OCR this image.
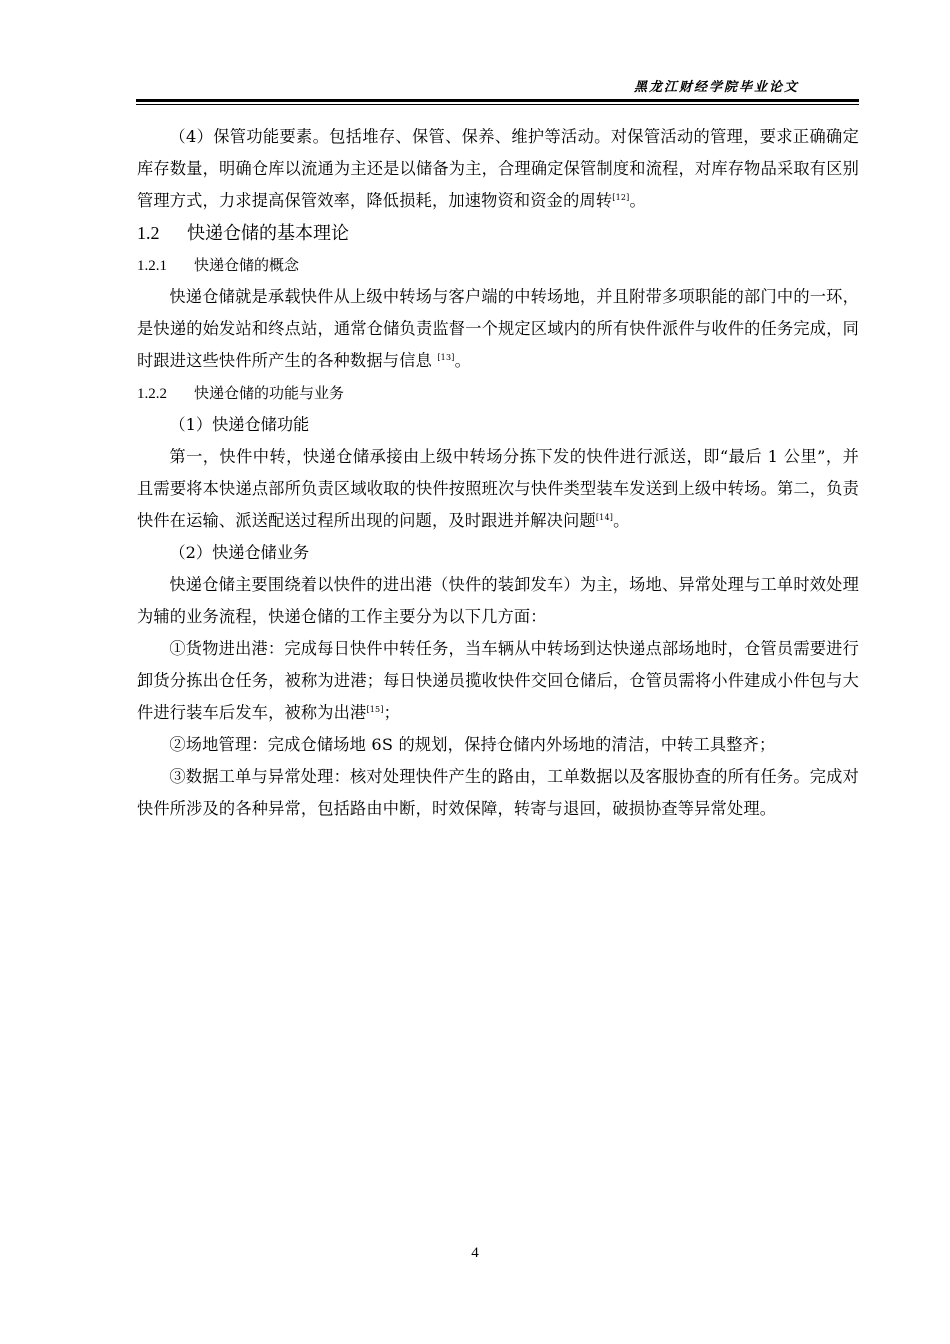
黑龙江财经学院毕业论文

（4）保管功能要素。包括堆存、保管、保养、维护等活动。对保管活动的管理，要求正确确定库存数量，明确仓库以流通为主还是以储备为主，合理确定保管制度和流程，对库存物品采取有区别管理方式，力求提高保管效率，降低损耗，加速物资和资金的周转[12]。

1.2 快递仓储的基本理论
1.2.1 快递仓储的概念

快递仓储就是承载快件从上级中转场与客户端的中转场地，并且附带多项职能的部门中的一环，是快递的始发站和终点站，通常仓储负责监督一个规定区域内的所有快件派件与收件的任务完成，同时跟进这些快件所产生的各种数据与信息 [13]。

1.2.2 快递仓储的功能与业务

（1）快递仓储功能

第一，快件中转，快递仓储承接由上级中转场分拣下发的快件进行派送，即“最后 1 公里”，并且需要将本快递点部所负责区域收取的快件按照班次与快件类型装车发送到上级中转场。第二，负责快件在运输、派送配送过程所出现的问题，及时跟进并解决问题[14]。

（2）快递仓储业务

快递仓储主要围绕着以快件的进出港（快件的装卸发车）为主，场地、异常处理与工单时效处理为辅的业务流程，快递仓储的工作主要分为以下几方面：

①货物进出港：完成每日快件中转任务，当车辆从中转场到达快递点部场地时，仓管员需要进行卸货分拣出仓任务，被称为进港；每日快递员揽收快件交回仓储后，仓管员需将小件建成小件包与大件进行装车后发车，被称为出港[15]；

②场地管理：完成仓储场地 6S 的规划，保持仓储内外场地的清洁，中转工具整齐；

③数据工单与异常处理：核对处理快件产生的路由，工单数据以及客服协查的所有任务。完成对快件所涉及的各种异常，包括路由中断，时效保障，转寄与退回，破损协查等异常处理。

4
